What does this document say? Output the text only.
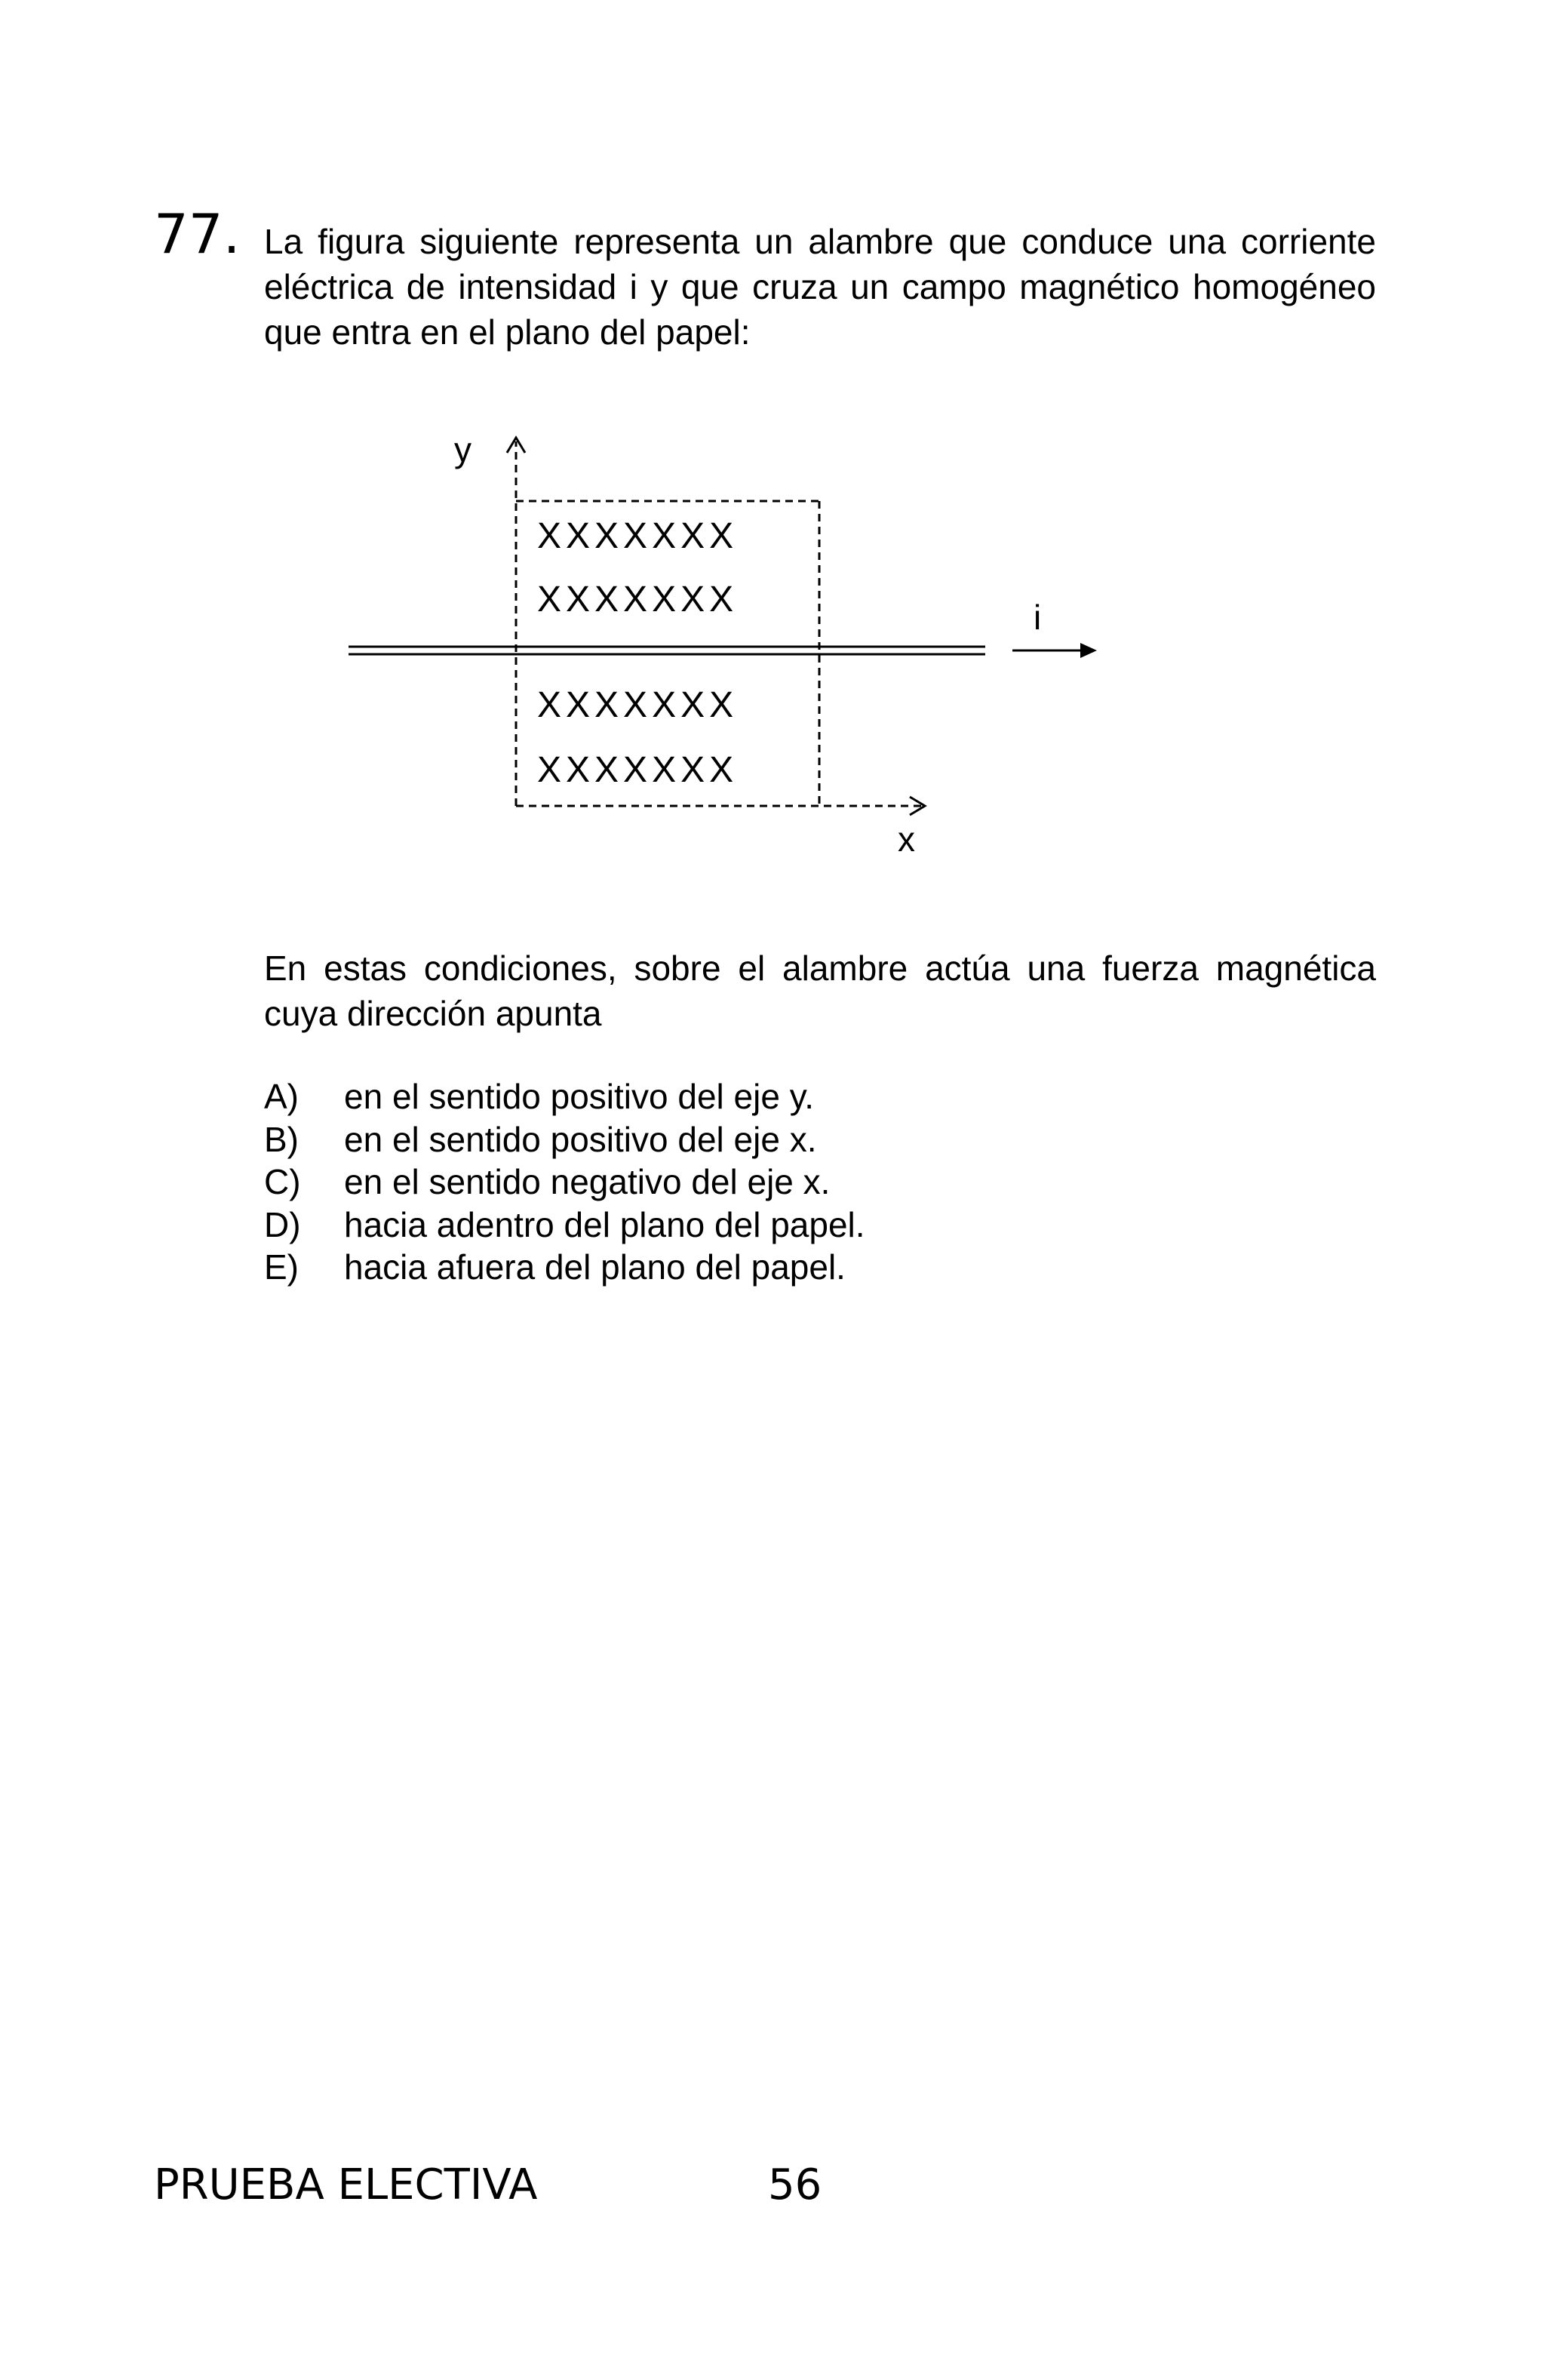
77. La figura siguiente representa un alambre que conduce una corriente eléctrica de intensidad i y que cruza un campo magnético homogéneo que entra en el plano del papel:

y
x
XXXXXXX
XXXXXXX
XXXXXXX
XXXXXXX
i

En estas condiciones, sobre el alambre actúa una fuerza magnética cuya dirección apunta

A) en el sentido positivo del eje y.
B) en el sentido positivo del eje x.
C) en el sentido negativo del eje x.
D) hacia adentro del plano del papel.
E) hacia afuera del plano del papel.
PRUEBA ELECTIVA	56
